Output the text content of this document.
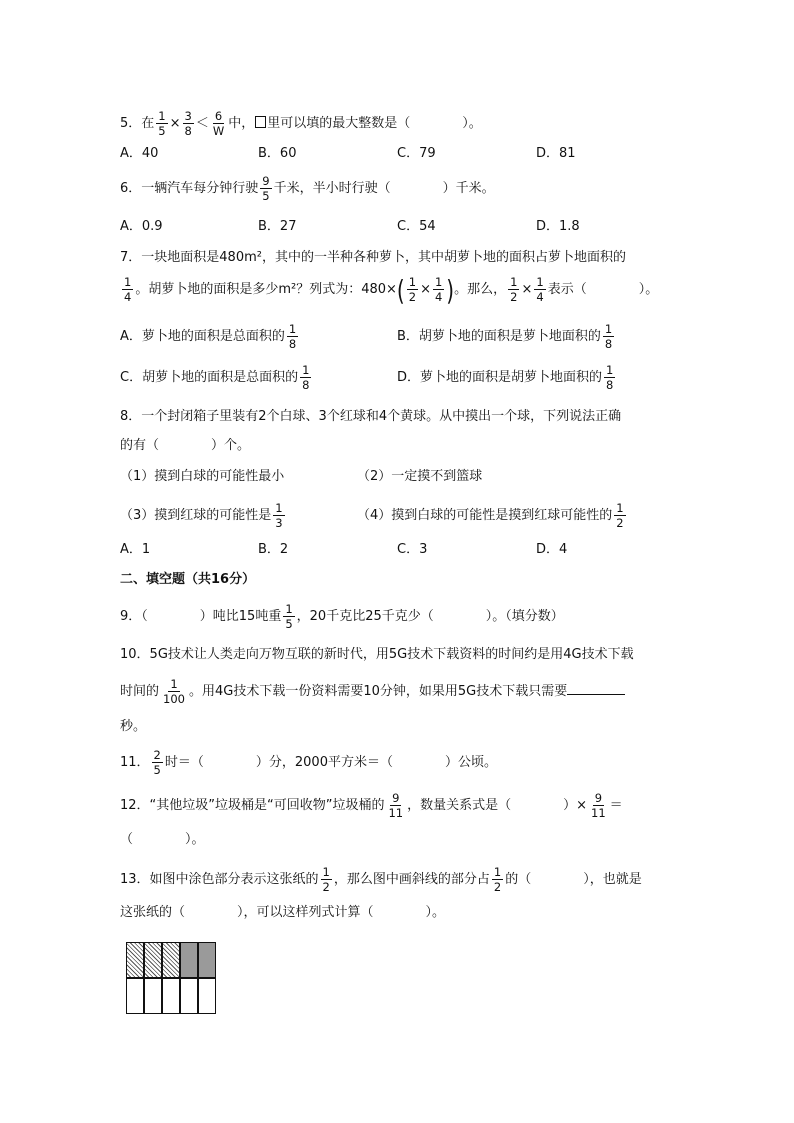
5．在 $\frac{1}{5} \times \frac{3}{8} < \frac{6}{W}$ 中， 里可以填的最大整数是（　　　　）。
A．40	B．60	C．79	D．81
6．一辆汽车每分钟行驶 $\frac{9}{5}$ 千米，半小时行驶（　　　　）千米。
A．0.9	B．27	C．54	D．1.8
7．一块地面积是480m²，其中的一半种各种萝卜，其中胡萝卜地的面积占萝卜地面积的
$\frac{1}{4}$ 。胡萝卜地的面积是多少m²？列式为：$480\times( \frac{1}{2} \times \frac{1}{4}$ )。那么， $\frac{1}{2} \times \frac{1}{4}$ 表示（　　　　）。
A．萝卜地的面积是总面积的 $\frac{1}{8}$	B．胡萝卜地的面积是萝卜地面积的 $\frac{1}{8}$
C．胡萝卜地的面积是总面积的 $\frac{1}{8}$	D．萝卜地的面积是胡萝卜地面积的 $\frac{1}{8}$
8．一个封闭箱子里装有2个白球、3个红球和4个黄球。从中摸出一个球，下列说法正确
的有（　　　　）个。
（1）摸到白球的可能性最小	（2）一定摸不到篮球
（3）摸到红球的可能性是 $\frac{1}{3}$	（4）摸到白球的可能性是摸到红球可能性的 $\frac{1}{2}$
A．1	B．2	C．3	D．4
二、填空题（共16分）
9．（　　　　）吨比15吨重 $\frac{1}{5}$ ，20千克比25千克少（　　　　）。（填分数）
10．5G技术让人类走向万物互联的新时代，用5G技术下载资料的时间约是用4G技术下载
时间的 $\frac{1}{100}$ 。用4G技术下载一份资料需要10分钟，如果用5G技术下载只需要
秒。
11． $\frac{2}{5}$ 时＝（　　　　）分，2000平方米＝（　　　　）公顷。
12．“其他垃圾”垃圾桶是“可回收物”垃圾桶的 $\frac{9}{11}$ ，数量关系式是（　　　　）× $\frac{9}{11}$ ＝
（　　　　）。
13．如图中涂色部分表示这张纸的 $\frac{1}{2}$ ，那么图中画斜线的部分占 $\frac{1}{2}$ 的（　　　　），也就是
这张纸的（　　　　），可以这样列式计算（　　　　）。
